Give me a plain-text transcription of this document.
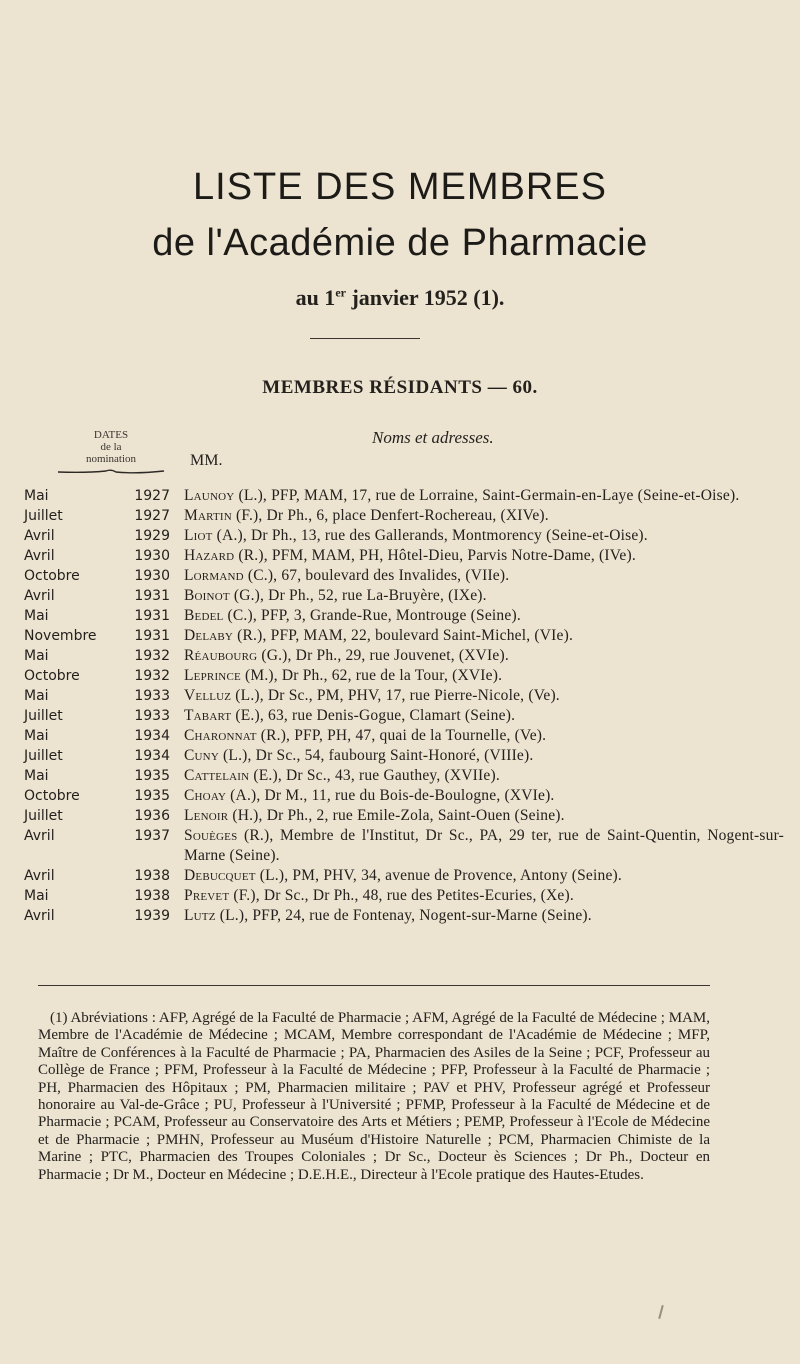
LISTE DES MEMBRES
de l'Académie de Pharmacie
au 1er janvier 1952 (1).
MEMBRES RÉSIDANTS — 60.
DATES
de la
nomination
Noms et adresses.
MM.
Mai	1927 Launoy (L.), PFP, MAM, 17, rue de Lorraine, Saint-Germain-en-Laye (Seine-et-Oise).
Juillet	1927 Martin (F.), Dr Ph., 6, place Denfert-Rochereau, (XIVe).
Avril	1929 Liot (A.), Dr Ph., 13, rue des Gallerands, Montmorency (Seine-et-Oise).
Avril	1930 Hazard (R.), PFM, MAM, PH, Hôtel-Dieu, Parvis Notre-Dame, (IVe).
Octobre	1930 Lormand (C.), 67, boulevard des Invalides, (VIIe).
Avril	1931 Boinot (G.), Dr Ph., 52, rue La-Bruyère, (IXe).
Mai	1931 Bedel (C.), PFP, 3, Grande-Rue, Montrouge (Seine).
Novembre	1931 Delaby (R.), PFP, MAM, 22, boulevard Saint-Michel, (VIe).
Mai	1932 Réaubourg (G.), Dr Ph., 29, rue Jouvenet, (XVIe).
Octobre	1932 Leprince (M.), Dr Ph., 62, rue de la Tour, (XVIe).
Mai	1933 Velluz (L.), Dr Sc., PM, PHV, 17, rue Pierre-Nicole, (Ve).
Juillet	1933 Tabart (E.), 63, rue Denis-Gogue, Clamart (Seine).
Mai	1934 Charonnat (R.), PFP, PH, 47, quai de la Tournelle, (Ve).
Juillet	1934 Cuny (L.), Dr Sc., 54, faubourg Saint-Honoré, (VIIIe).
Mai	1935 Cattelain (E.), Dr Sc., 43, rue Gauthey, (XVIIe).
Octobre	1935 Choay (A.), Dr M., 11, rue du Bois-de-Boulogne, (XVIe).
Juillet	1936 Lenoir (H.), Dr Ph., 2, rue Emile-Zola, Saint-Ouen (Seine).
Avril	1937 Souèges (R.), Membre de l'Institut, Dr Sc., PA, 29 ter, rue de Saint-Quentin, Nogent-sur-Marne (Seine).
Avril	1938 Debucquet (L.), PM, PHV, 34, avenue de Provence, Antony (Seine).
Mai	1938 Prevet (F.), Dr Sc., Dr Ph., 48, rue des Petites-Ecuries, (Xe).
Avril	1939 Lutz (L.), PFP, 24, rue de Fontenay, Nogent-sur-Marne (Seine).
(1) Abréviations : AFP, Agrégé de la Faculté de Pharmacie ; AFM, Agrégé de la Faculté de Médecine ; MAM, Membre de l'Académie de Médecine ; MCAM, Membre correspondant de l'Académie de Médecine ; MFP, Maître de Conférences à la Faculté de Pharmacie ; PA, Pharmacien des Asiles de la Seine ; PCF, Professeur au Collège de France ; PFM, Professeur à la Faculté de Médecine ; PFP, Professeur à la Faculté de Pharmacie ; PH, Pharmacien des Hôpitaux ; PM, Pharmacien militaire ; PAV et PHV, Professeur agrégé et Professeur honoraire au Val-de-Grâce ; PU, Professeur à l'Université ; PFMP, Professeur à la Faculté de Médecine et de Pharmacie ; PCAM, Professeur au Conservatoire des Arts et Métiers ; PEMP, Professeur à l'Ecole de Médecine et de Pharmacie ; PMHN, Professeur au Muséum d'Histoire Naturelle ; PCM, Pharmacien Chimiste de la Marine ; PTC, Pharmacien des Troupes Coloniales ; Dr Sc., Docteur ès Sciences ; Dr Ph., Docteur en Pharmacie ; Dr M., Docteur en Médecine ; D.E.H.E., Directeur à l'Ecole pratique des Hautes-Etudes.
